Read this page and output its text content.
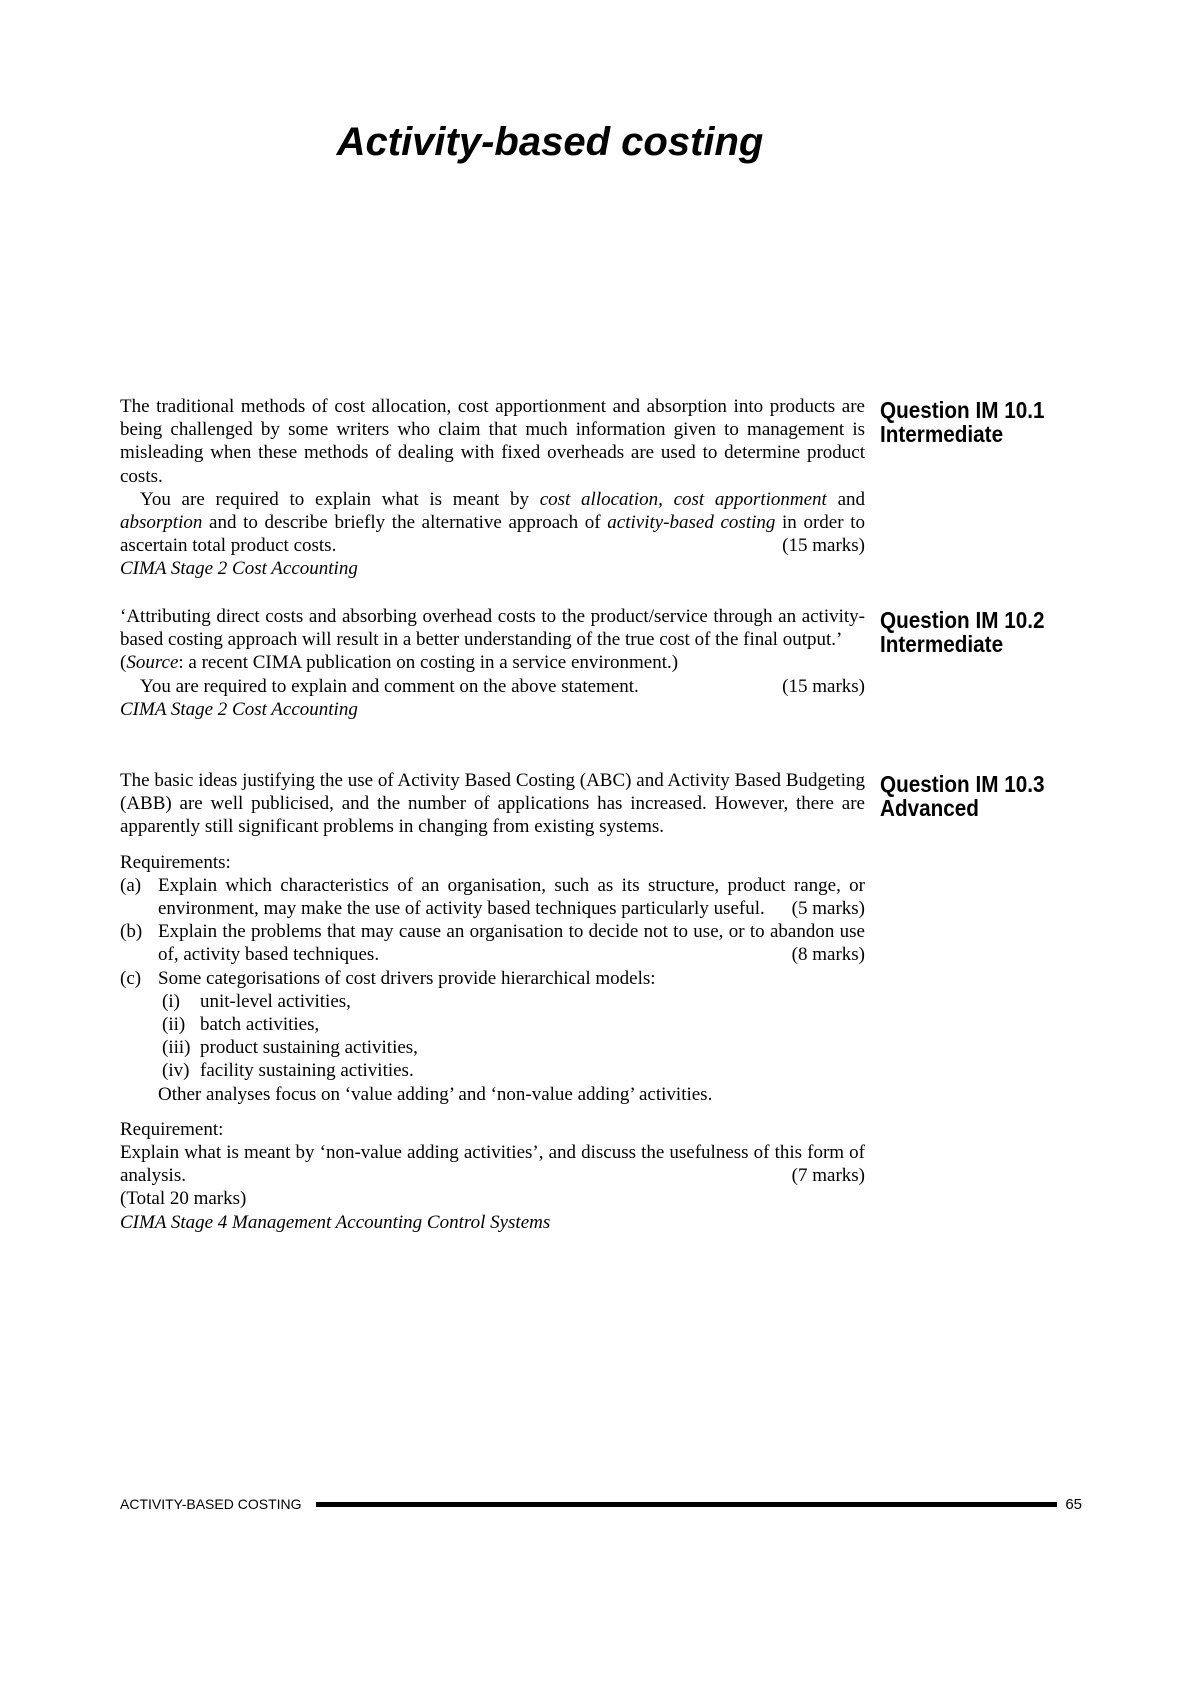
Activity-based costing
Question IM 10.1
Intermediate

The traditional methods of cost allocation, cost apportionment and absorption into products are being challenged by some writers who claim that much information given to management is misleading when these methods of dealing with fixed overheads are used to determine product costs.

You are required to explain what is meant by cost allocation, cost apportionment and absorption and to describe briefly the alternative approach of activity-based costing in order to ascertain total product costs.	(15 marks)

CIMA Stage 2 Cost Accounting

Question IM 10.2
Intermediate

‘Attributing direct costs and absorbing overhead costs to the product/service through an activity-based costing approach will result in a better understanding of the true cost of the final output.’

(Source: a recent CIMA publication on costing in a service environment.)

You are required to explain and comment on the above statement.	(15 marks)

CIMA Stage 2 Cost Accounting

Question IM 10.3
Advanced

The basic ideas justifying the use of Activity Based Costing (ABC) and Activity Based Budgeting (ABB) are well publicised, and the number of applications has increased. However, there are apparently still significant problems in changing from existing systems.

Requirements:

(a) Explain which characteristics of an organisation, such as its structure, product range, or environment, may make the use of activity based techniques particularly useful. (5 marks)

(b) Explain the problems that may cause an organisation to decide not to use, or to abandon use of, activity based techniques.	(8 marks)

(c) Some categorisations of cost drivers provide hierarchical models:

(i) unit-level activities,
(ii) batch activities,
(iii) product sustaining activities,
(iv) facility sustaining activities.

Other analyses focus on ‘value adding’ and ‘non-value adding’ activities.

Requirement:

Explain what is meant by ‘non-value adding activities’, and discuss the usefulness of this form of analysis.	(7 marks)

(Total 20 marks)

CIMA Stage 4 Management Accounting Control Systems

ACTIVITY-BASED COSTING	65
